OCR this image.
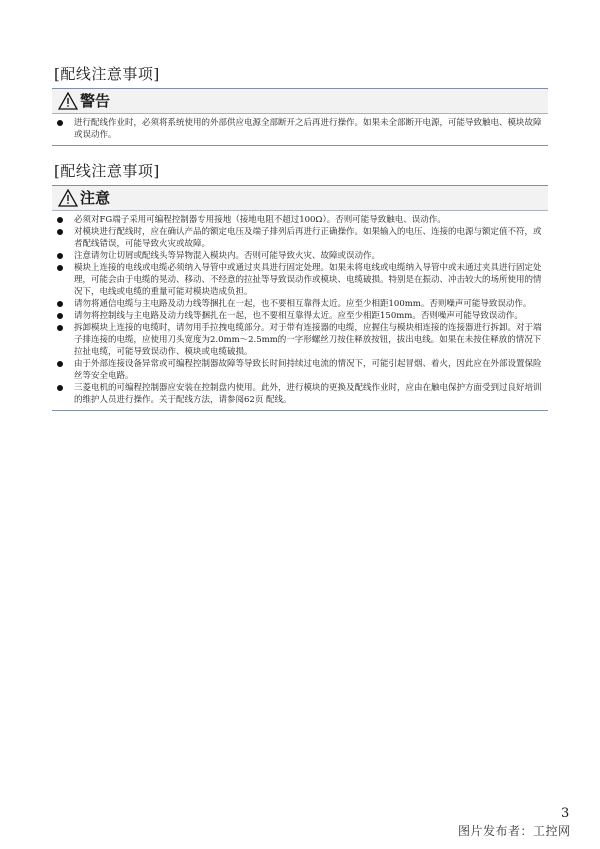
[配线注意事项]
警告
进行配线作业时，必须将系统使用的外部供应电源全部断开之后再进行操作。如果未全部断开电源，可能导致触电、模块故障或误动作。
[配线注意事项]
注意
必须对FG端子采用可编程控制器专用接地（接地电阻不超过100Ω）。否则可能导致触电、误动作。
对模块进行配线时，应在确认产品的额定电压及端子排列后再进行正确操作。如果输入的电压、连接的电源与额定值不符，或者配线错误，可能导致火灾或故障。
注意请勿让切屑或配线头等异物混入模块内。否则可能导致火灾、故障或误动作。
模块上连接的电线或电缆必须纳入导管中或通过夹具进行固定处理。如果未将电线或电缆纳入导管中或未通过夹具进行固定处理，可能会由于电缆的晃动、移动、不经意的拉扯等导致误动作或模块、电缆破损。特别是在振动、冲击较大的场所使用的情况下，电线或电缆的重量可能对模块造成负担。
请勿将通信电缆与主电路及动力线等捆扎在一起，也不要相互靠得太近。应至少相距100mm。否则噪声可能导致误动作。
请勿将控制线与主电路及动力线等捆扎在一起，也不要相互靠得太近。应至少相距150mm。否则噪声可能导致误动作。
拆卸模块上连接的电缆时，请勿用手拉拽电缆部分。对于带有连接器的电缆，应握住与模块相连接的连接器进行拆卸。对于端子排连接的电缆，应使用刀头宽度为2.0mm～2.5mm的一字形螺丝刀按住释放按钮，拔出电线。如果在未按住释放的情况下拉扯电缆，可能导致误动作、模块或电缆破损。
由于外部连接设备异常或可编程控制器故障等导致长时间持续过电流的情况下，可能引起冒烟、着火，因此应在外部设置保险丝等安全电路。
三菱电机的可编程控制器应安装在控制盘内使用。此外，进行模块的更换及配线作业时，应由在触电保护方面受到过良好培训的维护人员进行操作。关于配线方法，请参阅62页 配线。
3
图片发布者：工控网
